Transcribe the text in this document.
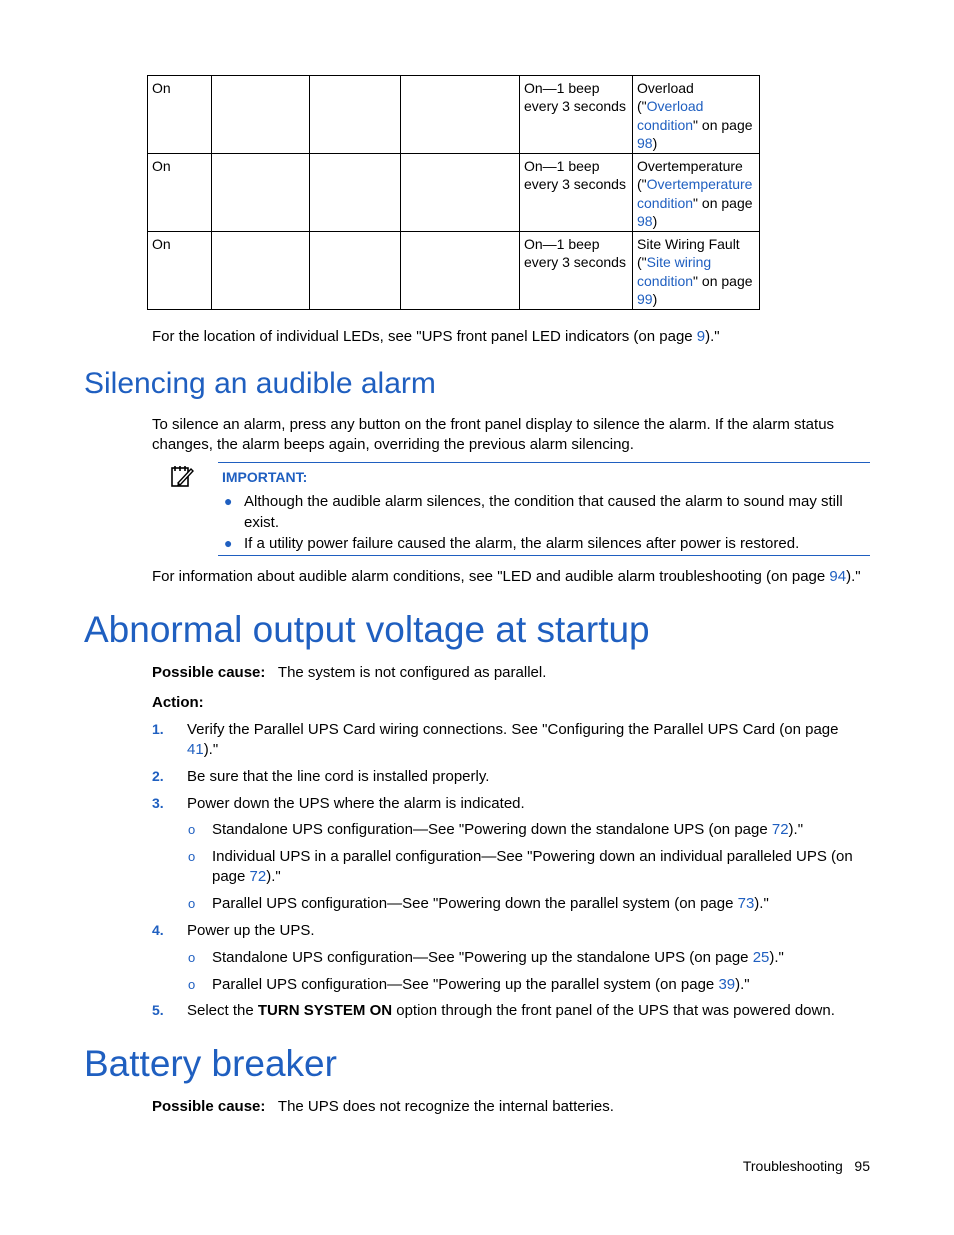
On				On—1 beep every 3 seconds	Overload ("Overload condition" on page 98)
On				On—1 beep every 3 seconds	Overtemperature ("Overtemperature condition" on page 98)
On				On—1 beep every 3 seconds	Site Wiring Fault ("Site wiring condition" on page 99)

For the location of individual LEDs, see "UPS front panel LED indicators (on page 9)."

Silencing an audible alarm

To silence an alarm, press any button on the front panel display to silence the alarm. If the alarm status changes, the alarm beeps again, overriding the previous alarm silencing.

IMPORTANT:
● Although the audible alarm silences, the condition that caused the alarm to sound may still exist.
● If a utility power failure caused the alarm, the alarm silences after power is restored.

For information about audible alarm conditions, see "LED and audible alarm troubleshooting (on page 94)."

Abnormal output voltage at startup

Possible cause: The system is not configured as parallel.

Action:

1. Verify the Parallel UPS Card wiring connections. See "Configuring the Parallel UPS Card (on page 41)."
2. Be sure that the line cord is installed properly.
3. Power down the UPS where the alarm is indicated.
o Standalone UPS configuration—See "Powering down the standalone UPS (on page 72)."
o Individual UPS in a parallel configuration—See "Powering down an individual paralleled UPS (on page 72)."
o Parallel UPS configuration—See "Powering down the parallel system (on page 73)."
4. Power up the UPS.
o Standalone UPS configuration—See "Powering up the standalone UPS (on page 25)."
o Parallel UPS configuration—See "Powering up the parallel system (on page 39)."
5. Select the TURN SYSTEM ON option through the front panel of the UPS that was powered down.
Battery breaker

Possible cause: The UPS does not recognize the internal batteries.

Troubleshooting 95
